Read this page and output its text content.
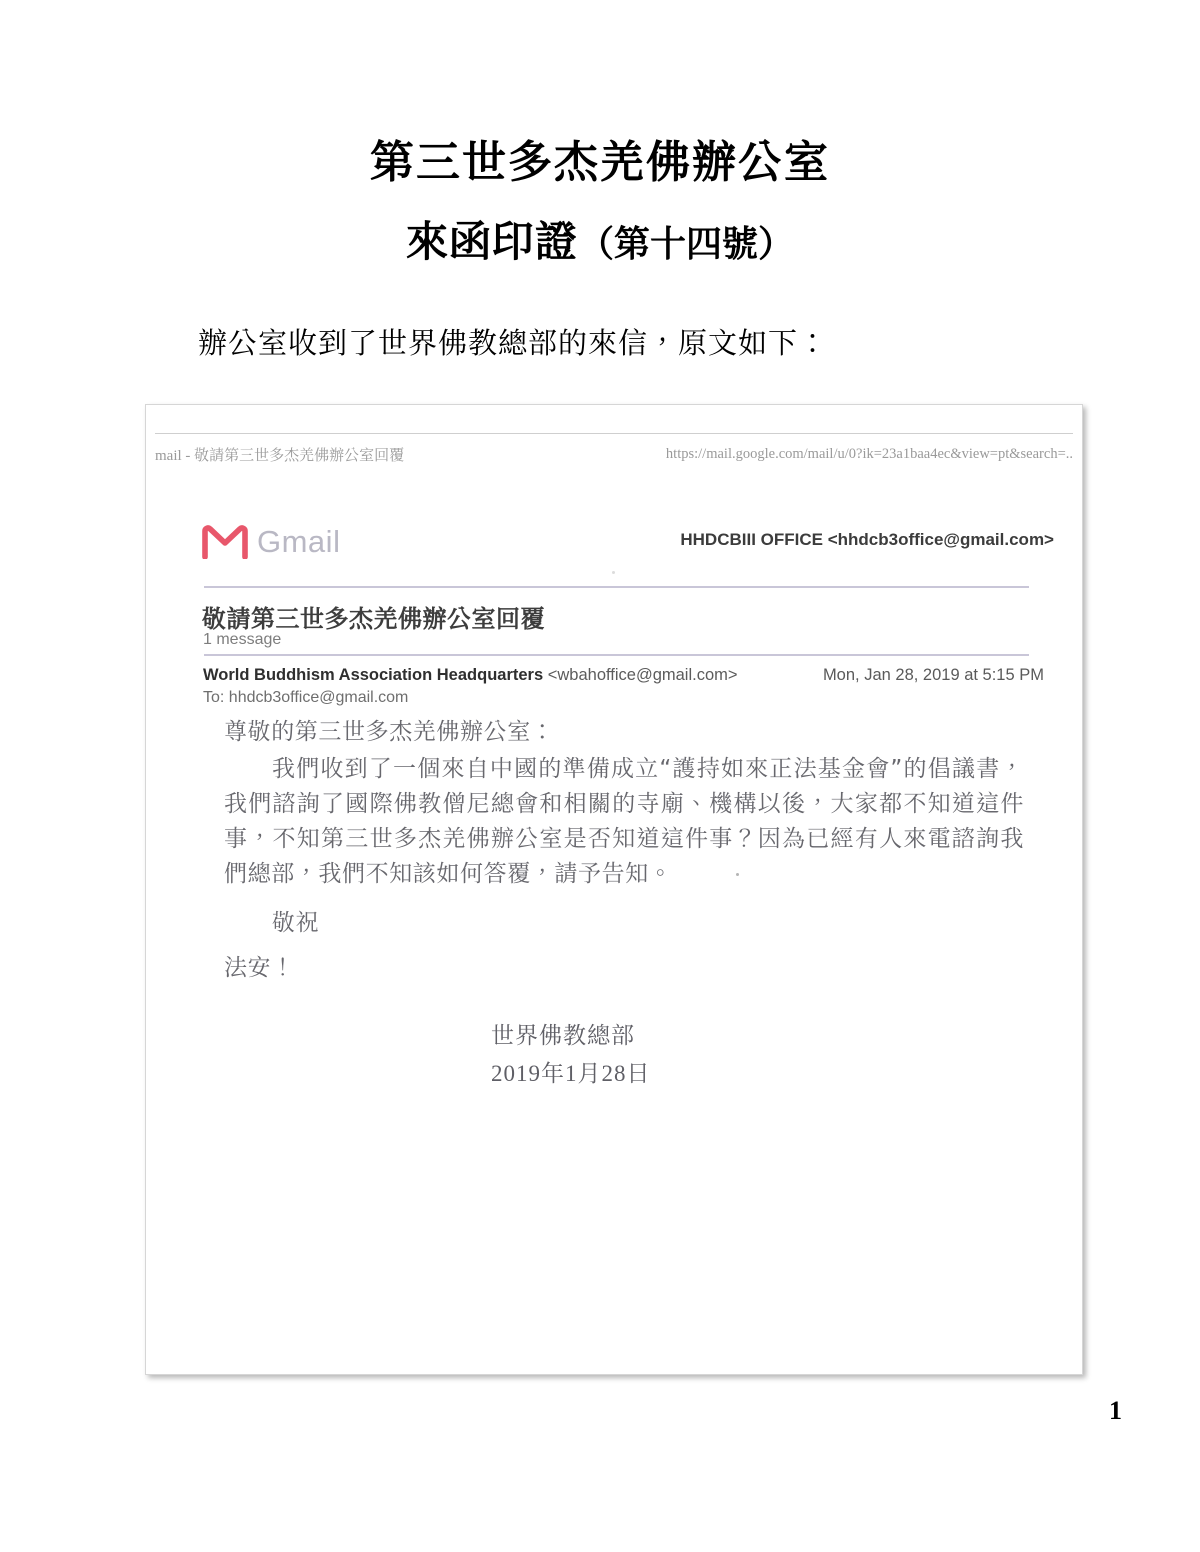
第三世多杰羌佛辦公室
來函印證（第十四號）
辦公室收到了世界佛教總部的來信，原文如下：
mail - 敬請第三世多杰羌佛辦公室回覆	https://mail.google.com/mail/u/0?ik=23a1baa4ec&view=pt&search=..
Gmail	HHDCBIII OFFICE <hhdcb3office@gmail.com>
敬請第三世多杰羌佛辦公室回覆
1 message
World Buddhism Association Headquarters <wbahoffice@gmail.com>
To: hhdcb3office@gmail.com
Mon, Jan 28, 2019 at 5:15 PM

尊敬的第三世多杰羌佛辦公室：

我們收到了一個來自中國的準備成立“護持如來正法基金會”的倡議書，我們諮詢了國際佛教僧尼總會和相關的寺廟、機構以後，大家都不知道這件事，不知第三世多杰羌佛辦公室是否知道這件事？因為已經有人來電諮詢我們總部，我們不知該如何答覆，請予告知。

敬祝

法安！

世界佛教總部
2019年1月28日
1
